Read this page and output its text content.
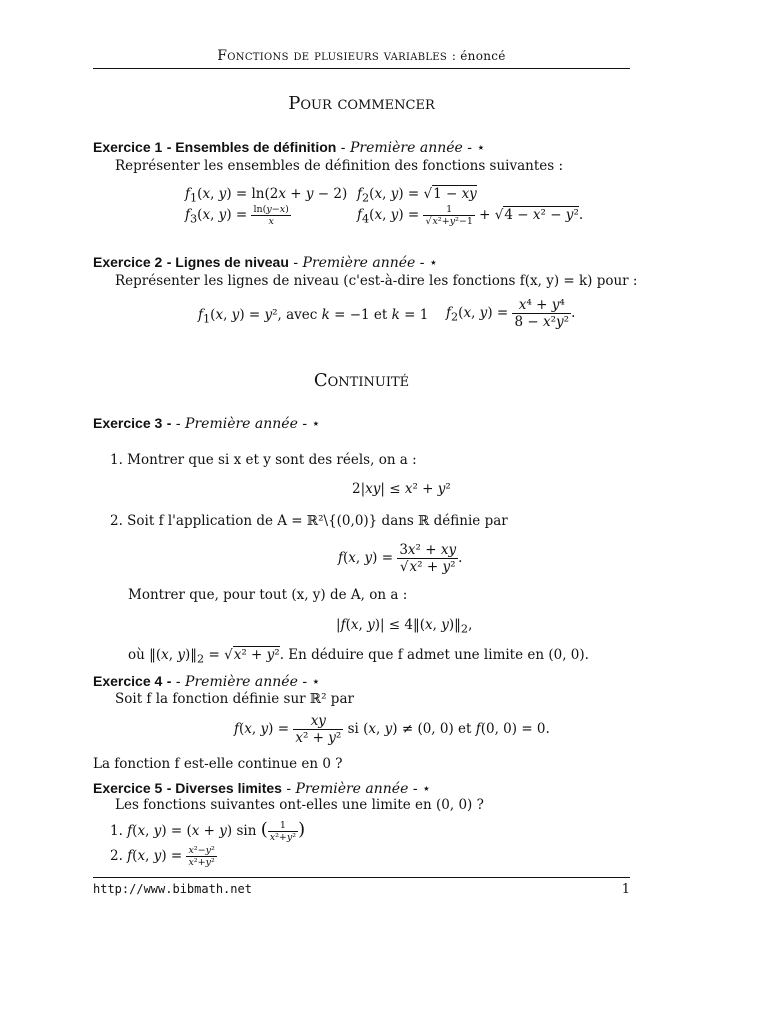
Fonctions de plusieurs variables : énoncé
Pour commencer
Exercice 1 - Ensembles de définition - Première année - ⋆
Représenter les ensembles de définition des fonctions suivantes :
$f_1(x$, y) = ln(2x + y − 2) $f_2(x$, y) = √1 − xy
$f_3(x$, $y) = \frac{\ln(y-x)}{x}$	$f_4(x$, $y) = \frac{1}{\text{√x²+y²−1}} + √4 - x^2 - y^2$.
Exercice 2 - Lignes de niveau - Première année - ⋆
Représenter les lignes de niveau (c'est-à-dire les fonctions f(x, y) = k) pour :
$f_1(x$, y) = y², avec k = −1 et k = 1 $f_2(x$, $y) = \frac{\text{x⁴ + y⁴}}{\text{8 − x²y²}}$ .
Continuité
Exercice 3 - - Première année - ⋆
1. Montrer que si x et y sont des réels, on a :
2|xy| ≤ x² + y²
2. Soit f l'application de A = ℝ²\{(0,0)} dans ℝ définie par
f(x, $y) = \frac{\text{3x² + xy}}{\text{√x² + y²}}$ .
Montrer que, pour tout (x, y) de A, on a :
|f(x, y)| ≤ 4‖(x, $y)‖_2$,
où ‖(x, $y)‖_2 = √x^2 + y^2$. En déduire que f admet une limite en (0, 0).
Exercice 4 - - Première année - ⋆
Soit f la fonction définie sur ℝ² par
f(x, $y) = \frac{xy}{\text{x² + y²}}$ si (x, y) ≠ (0, 0) et f(0, 0) = 0.
La fonction f est-elle continue en 0 ?
Exercice 5 - Diverses limites - Première année - ⋆
Les fonctions suivantes ont-elles une limite en (0, 0) ?
1. f(x, y) = (x + y) sin ( $\frac{1}{\text{x²+y²}}$ )
2. f(x, $y) = \frac{\text{x²−y²}}{\text{x²+y²}}$
http://www.bibmath.net	1
